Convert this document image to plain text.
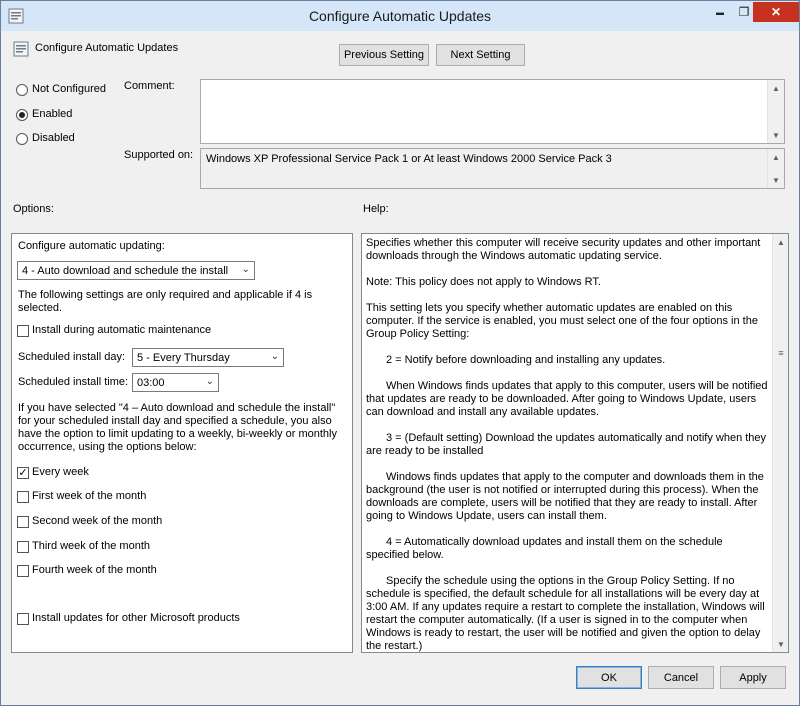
Configure Automatic Updates	▬ ❐ ✕
Configure Automatic Updates
Previous Setting	Next Setting
Not Configured
Enabled
Disabled
Comment:	▲
▼
Supported on:	Windows XP Professional Service Pack 1 or At least Windows 2000 Service Pack 3	▲
▼
Options:	Help:
Configure automatic updating:
4 - Auto download and schedule the install ⌄
The following settings are only required and applicable if 4 is selected.
Install during automatic maintenance
Scheduled install day: 5 - Every Thursday	⌄
Scheduled install time: 03:00	⌄
If you have selected "4 – Auto download and schedule the install" for your scheduled install day and specified a schedule, you also have the option to limit updating to a weekly, bi-weekly or monthly occurrence, using the options below:
✓ Every week
First week of the month
Second week of the month
Third week of the month
Fourth week of the month
Install updates for other Microsoft products

Specifies whether this computer will receive security updates and other important downloads through the Windows automatic updating service.

Note: This policy does not apply to Windows RT.

This setting lets you specify whether automatic updates are enabled on this computer. If the service is enabled, you must select one of the four options in the Group Policy Setting:

2 = Notify before downloading and installing any updates.

When Windows finds updates that apply to this computer, users will be notified that updates are ready to be downloaded. After going to Windows Update, users can download and install any available updates.

3 = (Default setting) Download the updates automatically and notify when they are ready to be installed

Windows finds updates that apply to the computer and downloads them in the background (the user is not notified or interrupted during this process). When the downloads are complete, users will be notified that they are ready to install. After going to Windows Update, users can install them.

4 = Automatically download updates and install them on the schedule specified below.

Specify the schedule using the options in the Group Policy Setting. If no schedule is specified, the default schedule for all installations will be every day at 3:00 AM. If any updates require a restart to complete the installation, Windows will restart the computer automatically. (If a user is signed in to the computer when Windows is ready to restart, the user will be notified and given the option to delay the restart.)

▲
≡
▼
OK	Cancel	Apply
